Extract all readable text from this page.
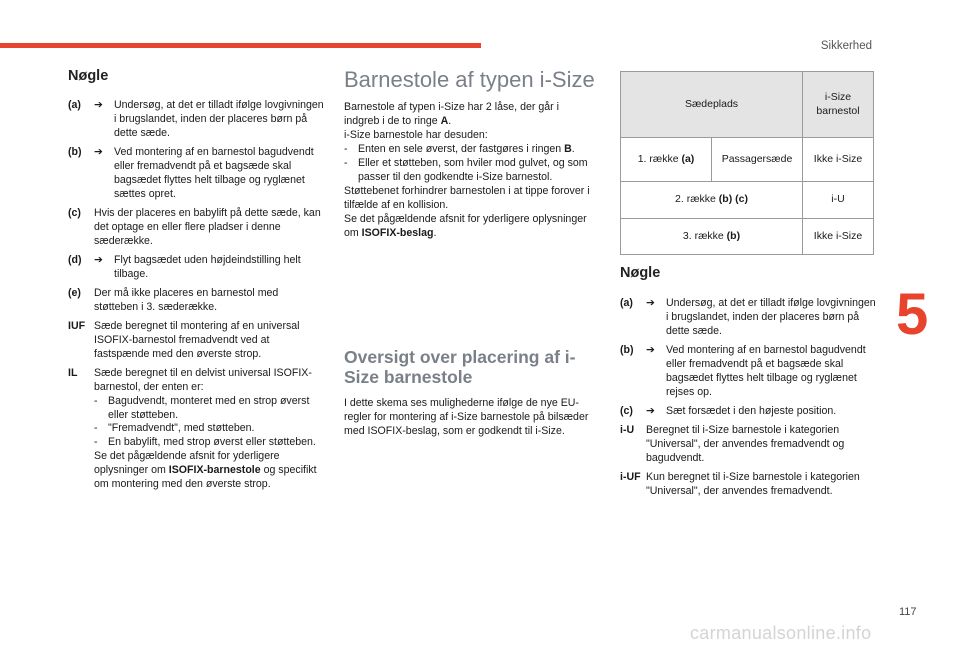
Sikkerhed
5
117
carmanualsonline.info
Nøgle
(a)	➔	Undersøg, at det er tilladt ifølge lovgivningen i brugslandet, inden der placeres børn på dette sæde.
(b)	➔	Ved montering af en barnestol bagudvendt eller fremadvendt på et bagsæde skal bagsædet flyttes helt tilbage og ryglænet sættes opret.
(c)	Hvis der placeres en babylift på dette sæde, kan det optage en eller flere pladser i denne sæderække.
(d)	➔	Flyt bagsædet uden højdeindstilling helt tilbage.
(e)	Der må ikke placeres en barnestol med støtteben i 3. sæderække.
IUF Sæde beregnet til montering af en universal ISOFIX-barnestol fremadvendt ved at fastspænde med den øverste strop.
IL	Sæde beregnet til en delvist universal ISOFIX-barnestol, der enten er:
- Bagudvendt, monteret med en strop øverst eller støtteben.
- "Fremadvendt", med støtteben.
- En babylift, med strop øverst eller støtteben.
Se det pågældende afsnit for yderligere oplysninger om ISOFIX-barnestole og specifikt om montering med den øverste strop.
Barnestole af typen i-Size

Barnestole af typen i-Size har 2 låse, der går i indgreb i de to ringe A.

i-Size barnestole har desuden:

- Enten en sele øverst, der fastgøres i ringen B.
- Eller et støtteben, som hviler mod gulvet, og som passer til den godkendte i-Size barnestol.

Støttebenet forhindrer barnestolen i at tippe forover i tilfælde af en kollision.

Se det pågældende afsnit for yderligere oplysninger om ISOFIX-beslag.

Oversigt over placering af i-Size barnestole

I dette skema ses mulighederne ifølge de nye EU-regler for montering af i-Size barnestole på bilsæder med ISOFIX-beslag, som er godkendt til i-Size.

Sædeplads		i-Size barnestol
1. række (a)	Passagersæde	Ikke i-Size
2. række (b) (c)		i-U
3. række (b)		Ikke i-Size
Nøgle
(a)	➔	Undersøg, at det er tilladt ifølge lovgivningen i brugslandet, inden der placeres børn på dette sæde.
(b)	➔	Ved montering af en barnestol bagudvendt eller fremadvendt på et bagsæde skal bagsædet flyttes helt tilbage og ryglænet rejses op.
(c)	➔	Sæt forsædet i den højeste position.
i-U	Beregnet til i-Size barnestole i kategorien "Universal", der anvendes fremadvendt og bagudvendt.
i-UF Kun beregnet til i-Size barnestole i kategorien "Universal", der anvendes fremadvendt.
